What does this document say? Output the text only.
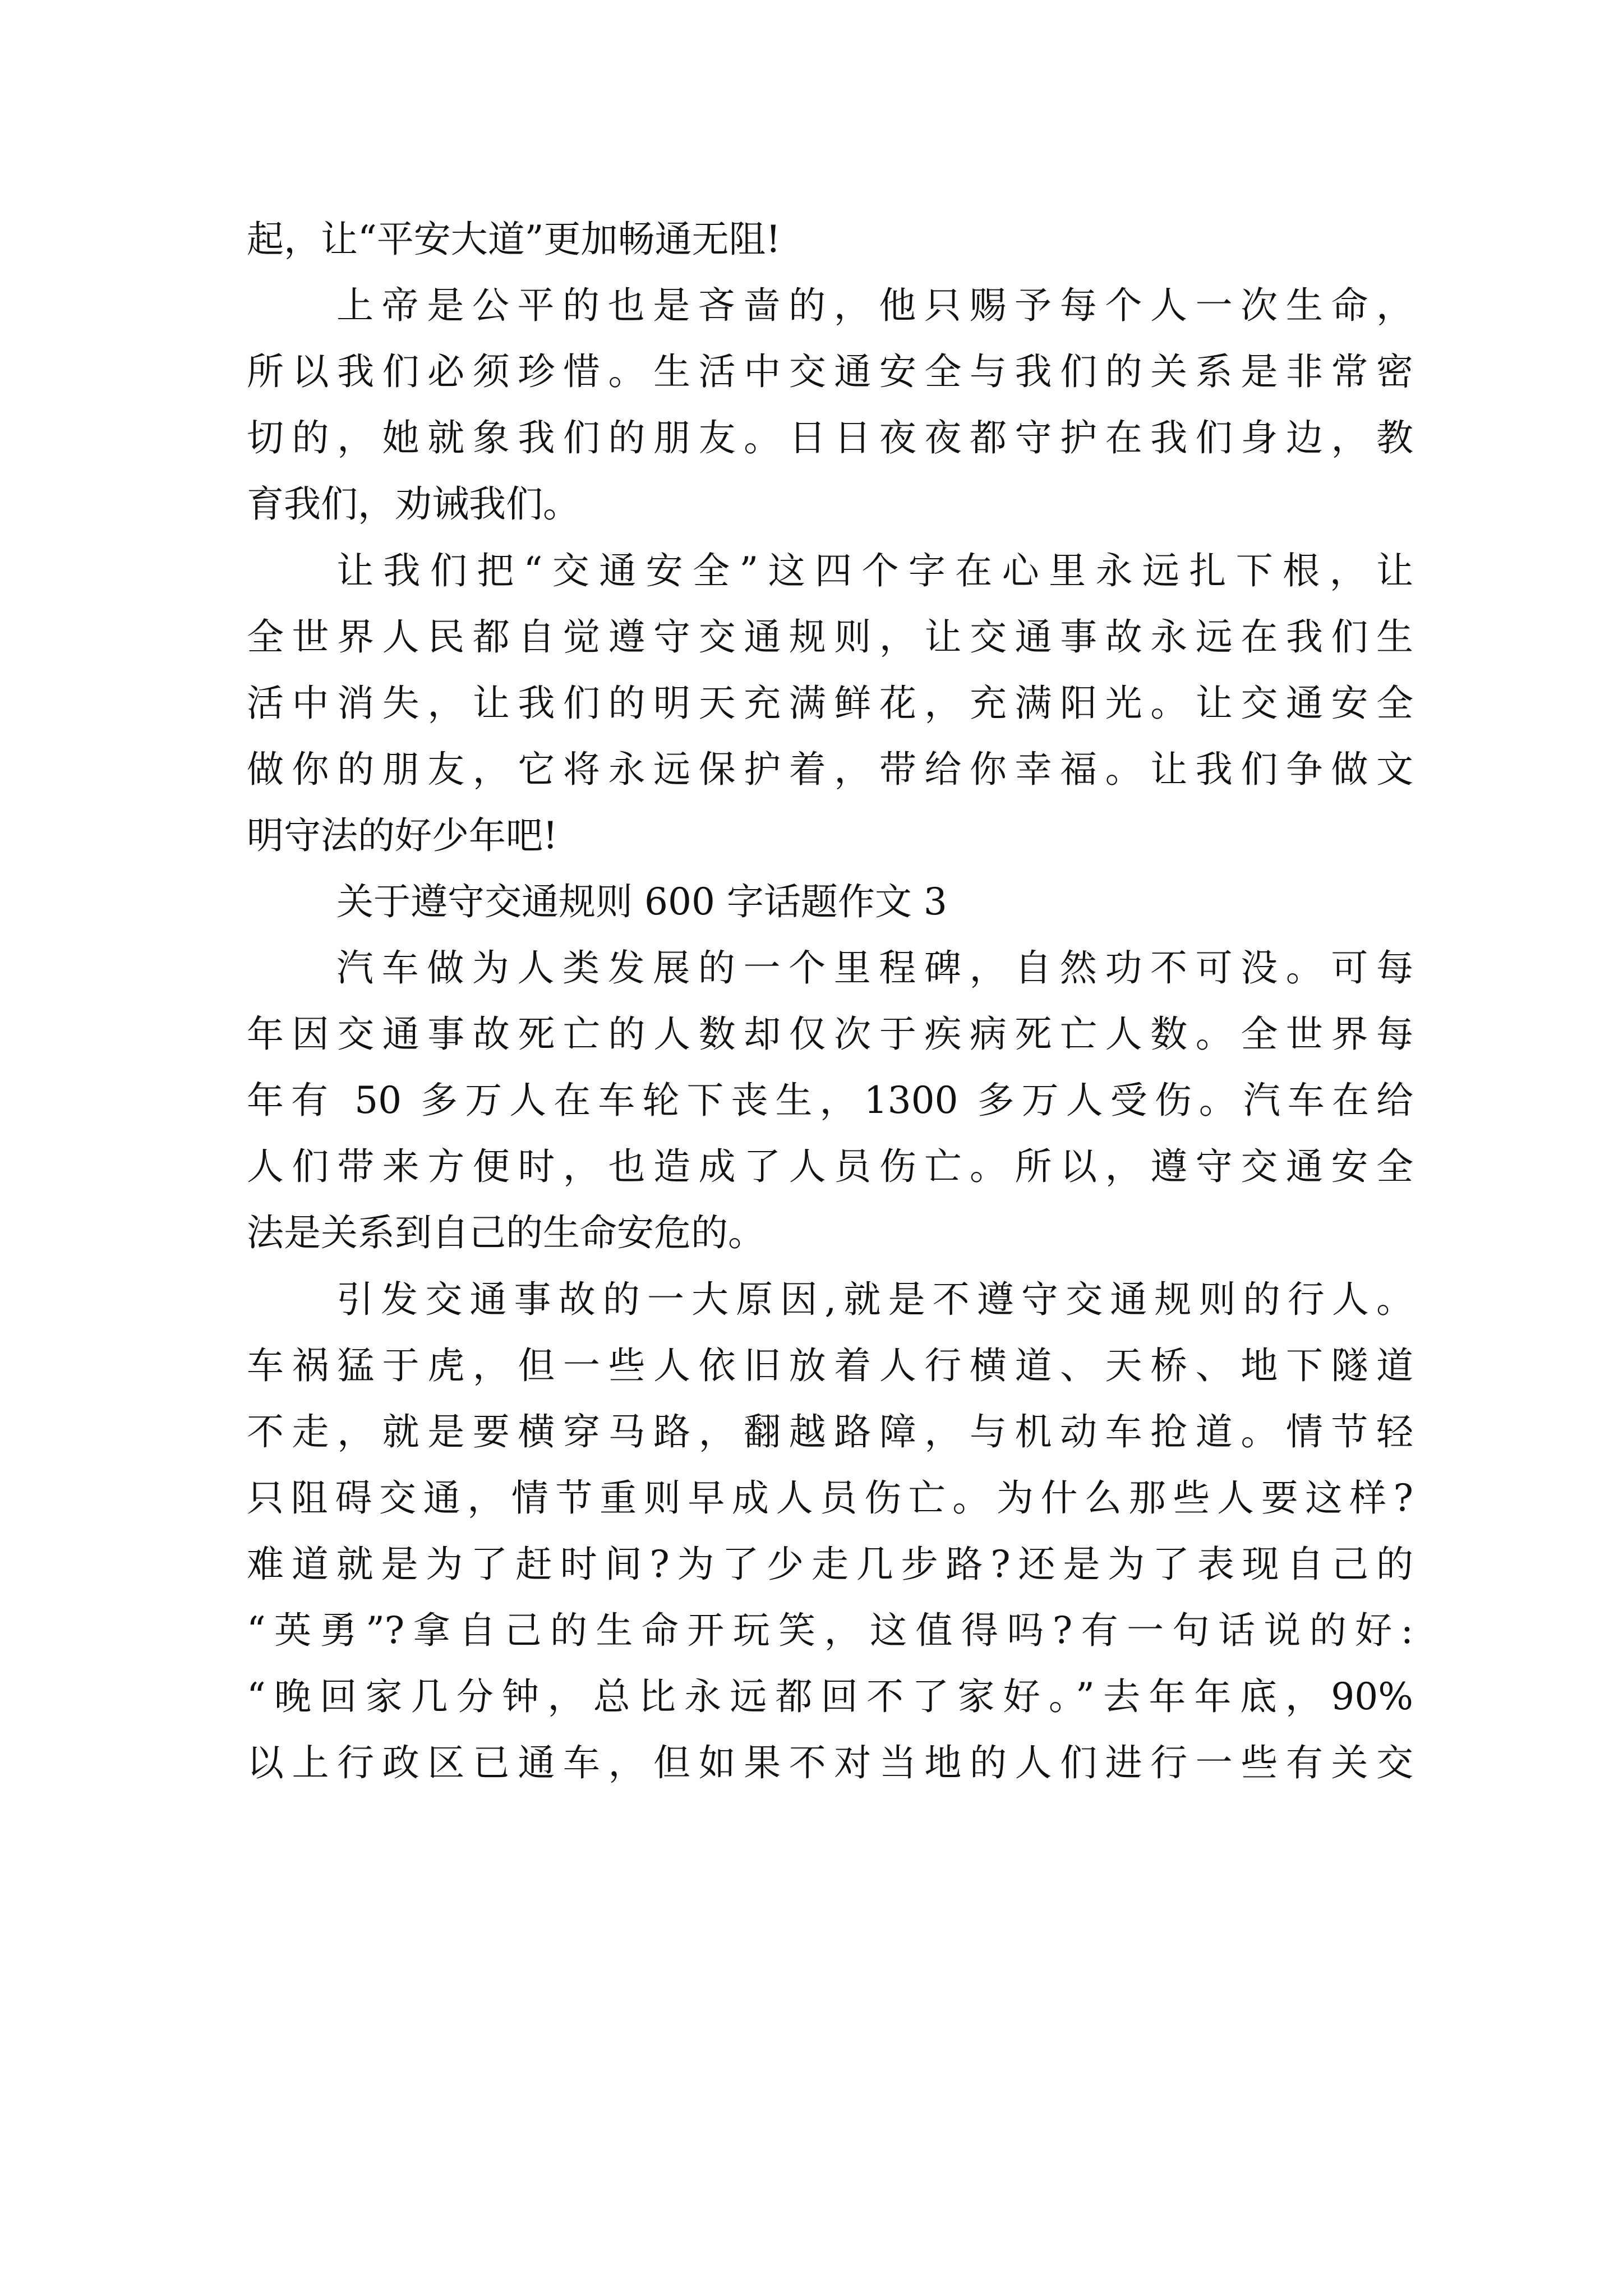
起，让“平安大道”更加畅通无阻!
上帝是公平的也是吝啬的，他只赐予每个人一次生命，
所以我们必须珍惜。生活中交通安全与我们的关系是非常密
切的，她就象我们的朋友。日日夜夜都守护在我们身边，教
育我们，劝诫我们。
让我们把“交通安全”这四个字在心里永远扎下根，让
全世界人民都自觉遵守交通规则，让交通事故永远在我们生
活中消失，让我们的明天充满鲜花，充满阳光。让交通安全
做你的朋友，它将永远保护着，带给你幸福。让我们争做文
明守法的好少年吧!
关于遵守交通规则 600 字话题作文 3
汽车做为人类发展的一个里程碑，自然功不可没。可每
年因交通事故死亡的人数却仅次于疾病死亡人数。全世界每
年有 50 多万人在车轮下丧生，1300 多万人受伤。汽车在给
人们带来方便时，也造成了人员伤亡。所以，遵守交通安全
法是关系到自己的生命安危的。
引发交通事故的一大原因,就是不遵守交通规则的行人。
车祸猛于虎，但一些人依旧放着人行横道、天桥、地下隧道
不走，就是要横穿马路，翻越路障，与机动车抢道。情节轻
只阻碍交通，情节重则早成人员伤亡。为什么那些人要这样?
难道就是为了赶时间?为了少走几步路?还是为了表现自己的
“英勇”?拿自己的生命开玩笑，这值得吗?有一句话说的好:
“晚回家几分钟，总比永远都回不了家好。”去年年底，90%
以上行政区已通车，但如果不对当地的人们进行一些有关交
